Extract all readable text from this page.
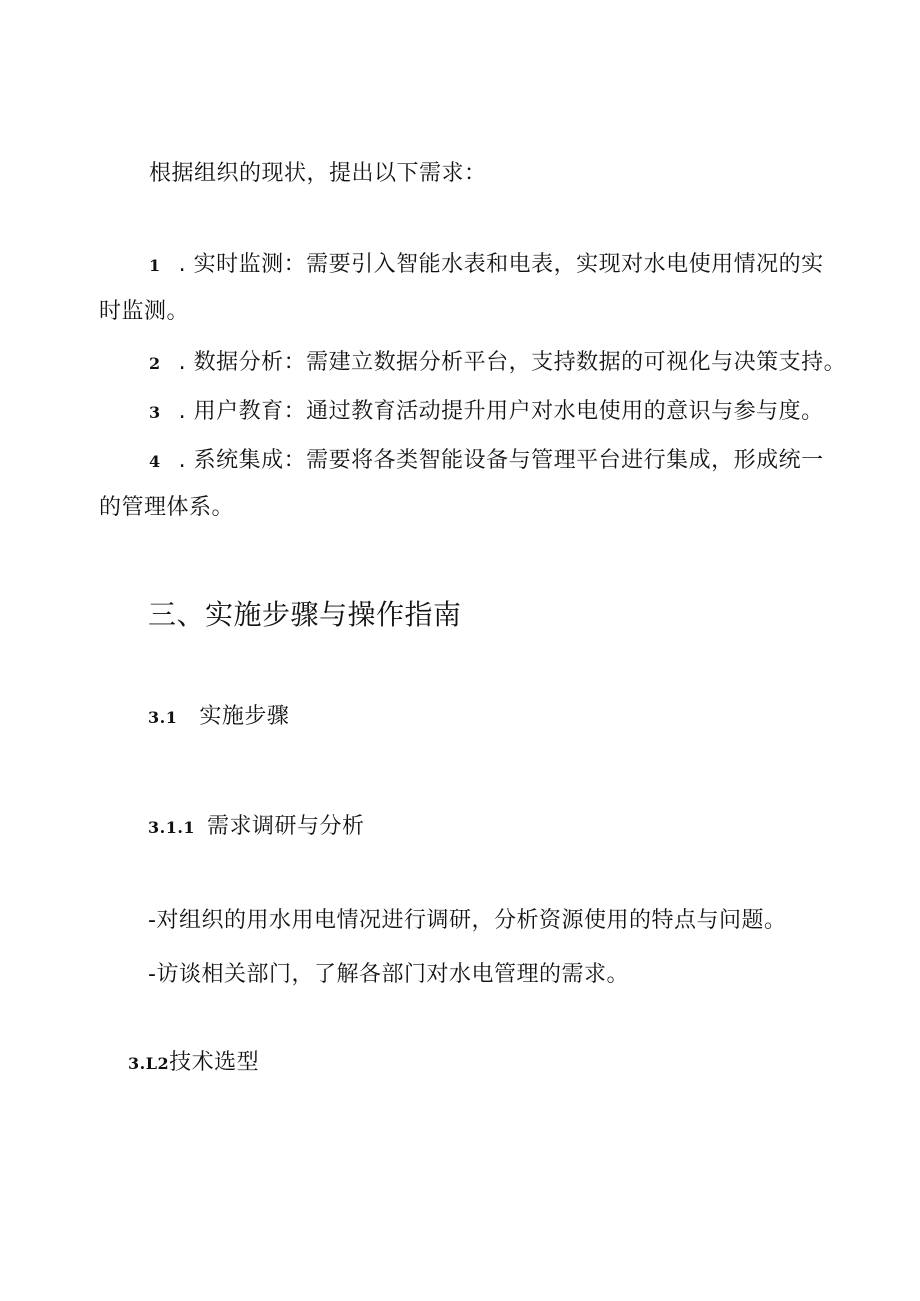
根据组织的现状，提出以下需求：
1 . 实时监测：需要引入智能水表和电表，实现对水电使用情况的实
时监测。
2 . 数据分析：需建立数据分析平台，支持数据的可视化与决策支持。
3 . 用户教育：通过教育活动提升用户对水电使用的意识与参与度。
4 . 系统集成：需要将各类智能设备与管理平台进行集成，形成统一
的管理体系。
三、实施步骤与操作指南
3.1 实施步骤
3.1.1 需求调研与分析
-对组织的用水用电情况进行调研，分析资源使用的特点与问题。
-访谈相关部门，了解各部门对水电管理的需求。
3.L2技术选型
